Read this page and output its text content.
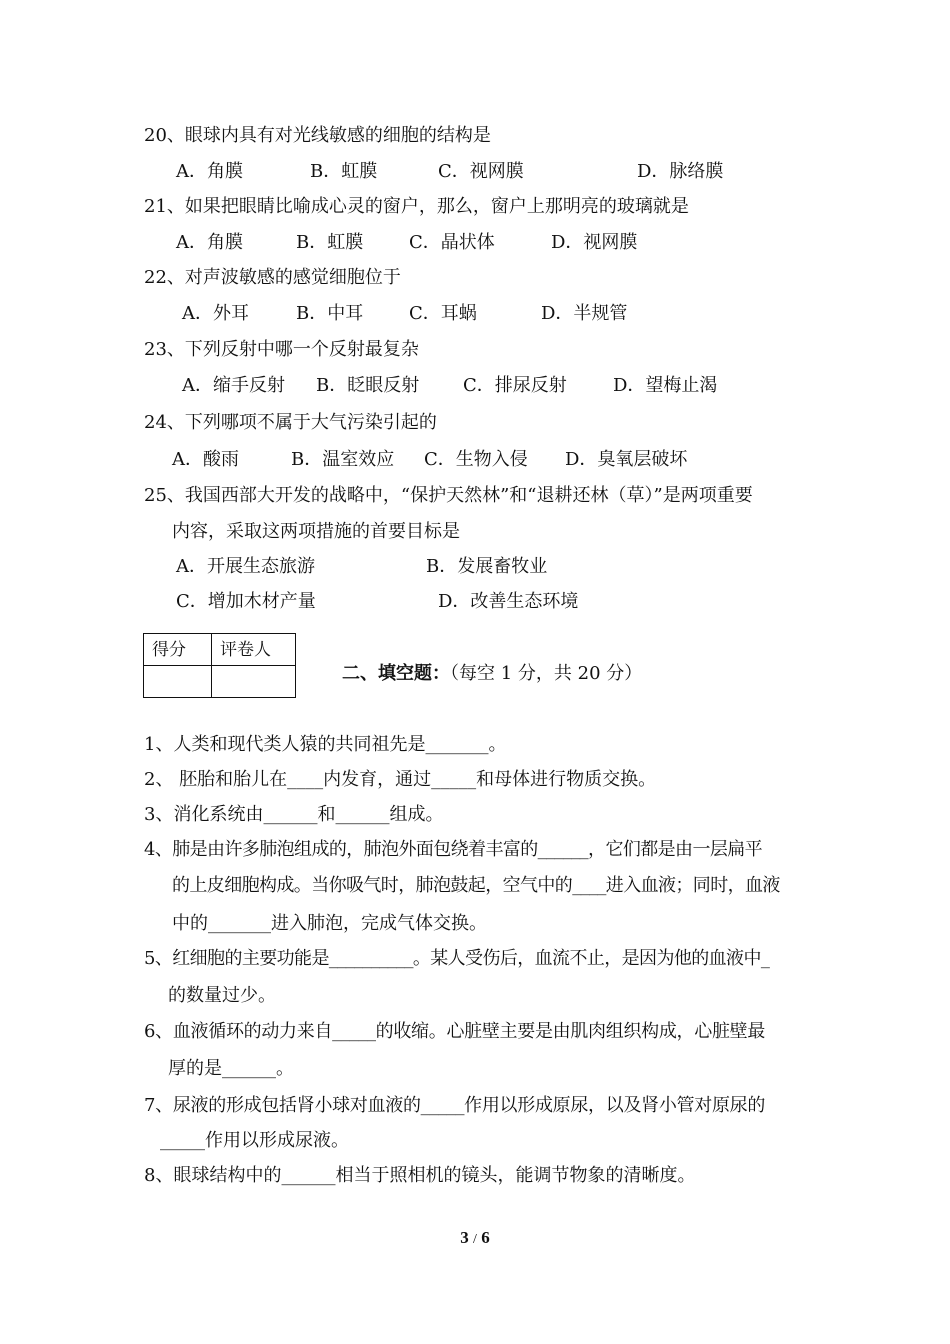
20、眼球内具有对光线敏感的细胞的结构是
A．角膜	B．虹膜	C．视网膜	D．脉络膜
21、如果把眼睛比喻成心灵的窗户，那么，窗户上那明亮的玻璃就是
A．角膜	B．虹膜	C．晶状体	D．视网膜
22、对声波敏感的感觉细胞位于
A．外耳	B．中耳	C．耳蜗	D．半规管
23、下列反射中哪一个反射最复杂
A．缩手反射 B．眨眼反射 C．排尿反射	D．望梅止渴
24、下列哪项不属于大气污染引起的
A．酸雨	B．温室效应 C．生物入侵 D．臭氧层破坏
25、我国西部大开发的战略中，“保护天然林”和“退耕还林（草）”是两项重要
内容，采取这两项措施的首要目标是
A．开展生态旅游	B．发展畜牧业
C．增加木材产量	D．改善生态环境
得分	评卷人

二、填空题：（每空 1 分，共 20 分）
1、人类和现代类人猿的共同祖先是_______。
2、 胚胎和胎儿在____内发育，通过_____和母体进行物质交换。
3、消化系统由______和______组成。
4、肺是由许多肺泡组成的，肺泡外面包绕着丰富的______，它们都是由一层扁平
的上皮细胞构成。当你吸气时，肺泡鼓起，空气中的____进入血液；同时，血液
中的_______进入肺泡，完成气体交换。
5、红细胞的主要功能是__________。某人受伤后，血流不止，是因为他的血液中_
的数量过少。
6、血液循环的动力来自_____的收缩。心脏壁主要是由肌肉组织构成，心脏壁最
厚的是______。
7、尿液的形成包括肾小球对血液的_____作用以形成原尿，以及肾小管对原尿的
_____作用以形成尿液。
8、眼球结构中的______相当于照相机的镜头，能调节物象的清晰度。
3 / 6
